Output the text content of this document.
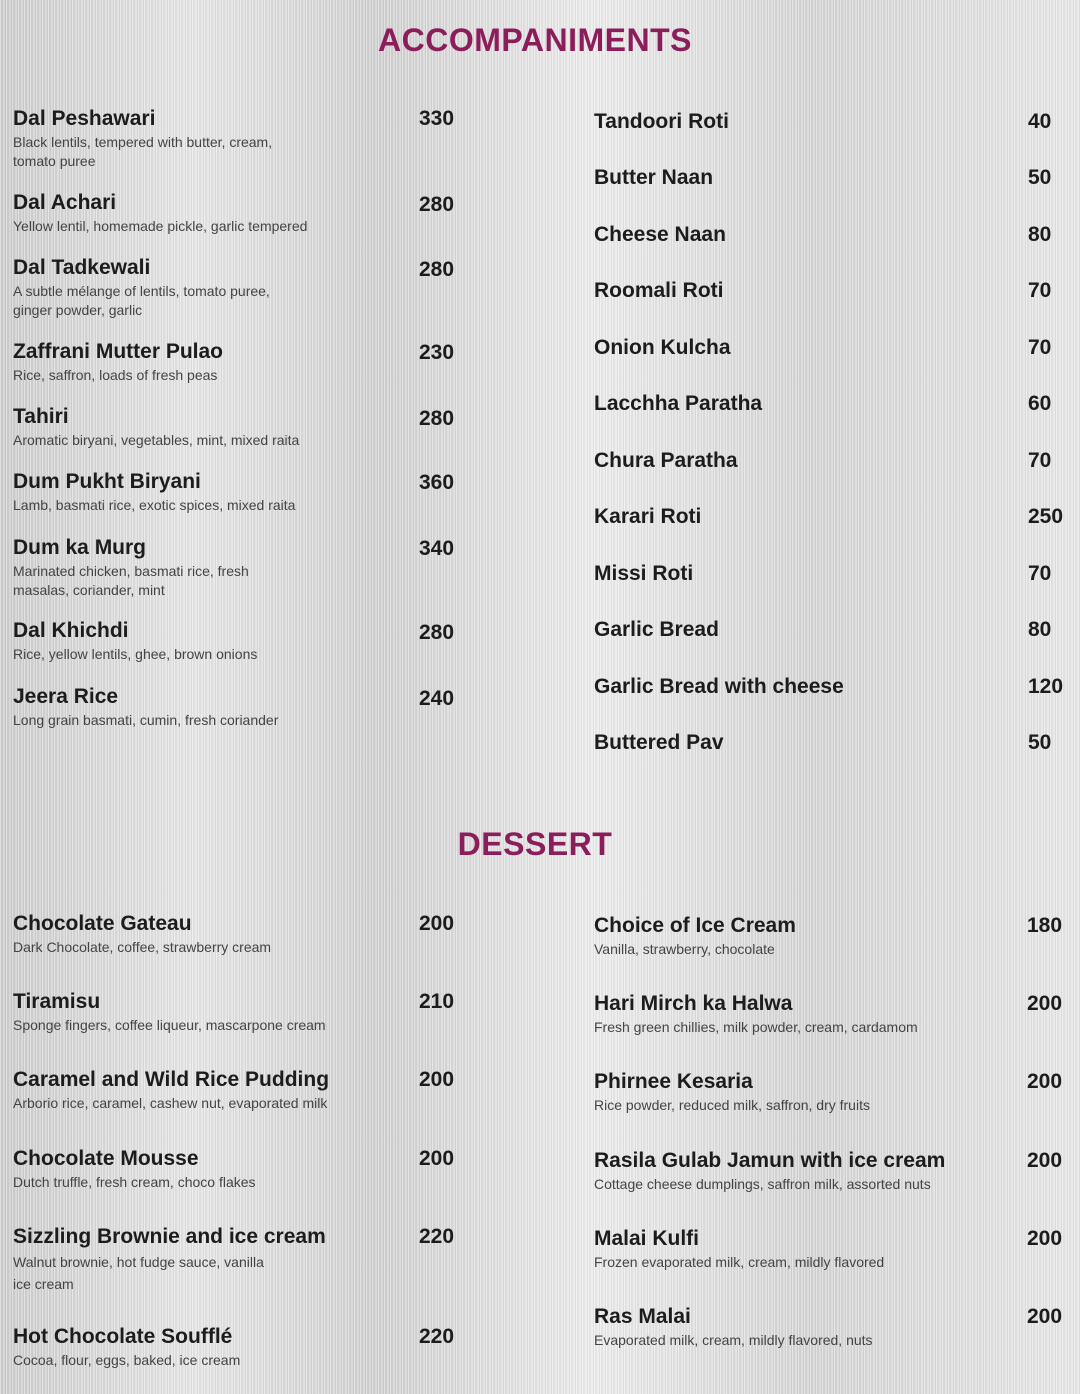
ACCOMPANIMENTS
Dal Peshawari
Black lentils, tempered with butter, cream, tomato puree
330
Dal Achari
Yellow lentil, homemade pickle, garlic tempered
280
Dal Tadkewali
A subtle mélange of lentils, tomato puree, ginger powder, garlic
280
Zaffrani Mutter Pulao
Rice, saffron, loads of fresh peas
230
Tahiri
Aromatic biryani, vegetables, mint, mixed raita
280
Dum Pukht Biryani
Lamb, basmati rice, exotic spices, mixed raita
360
Dum ka Murg
Marinated chicken, basmati rice, fresh masalas, coriander, mint
340
Dal Khichdi
Rice, yellow lentils, ghee, brown onions
280
Jeera Rice
Long grain basmati, cumin, fresh coriander
240
Tandoori Roti	40
Butter Naan	50
Cheese Naan	80
Roomali Roti	70
Onion Kulcha	70
Lacchha Paratha	60
Chura Paratha	70
Karari Roti	250
Missi Roti	70
Garlic Bread	80
Garlic Bread with cheese	120
Buttered Pav	50
DESSERT
Chocolate Gateau
Dark Chocolate, coffee, strawberry cream
200
Tiramisu
Sponge fingers, coffee liqueur, mascarpone cream
210
Caramel and Wild Rice Pudding
Arborio rice, caramel, cashew nut, evaporated milk
200
Chocolate Mousse
Dutch truffle, fresh cream, choco flakes
200
Sizzling Brownie and ice cream
Walnut brownie, hot fudge sauce, vanilla ice cream
220
Hot Chocolate Soufflé
Cocoa, flour, eggs, baked, ice cream
220
Choice of Ice Cream
Vanilla, strawberry, chocolate
180
Hari Mirch ka Halwa
Fresh green chillies, milk powder, cream, cardamom
200
Phirnee Kesaria
Rice powder, reduced milk, saffron, dry fruits
200
Rasila Gulab Jamun with ice cream
Cottage cheese dumplings, saffron milk, assorted nuts
200
Malai Kulfi
Frozen evaporated milk, cream, mildly flavored
200
Ras Malai
Evaporated milk, cream, mildly flavored, nuts
200
